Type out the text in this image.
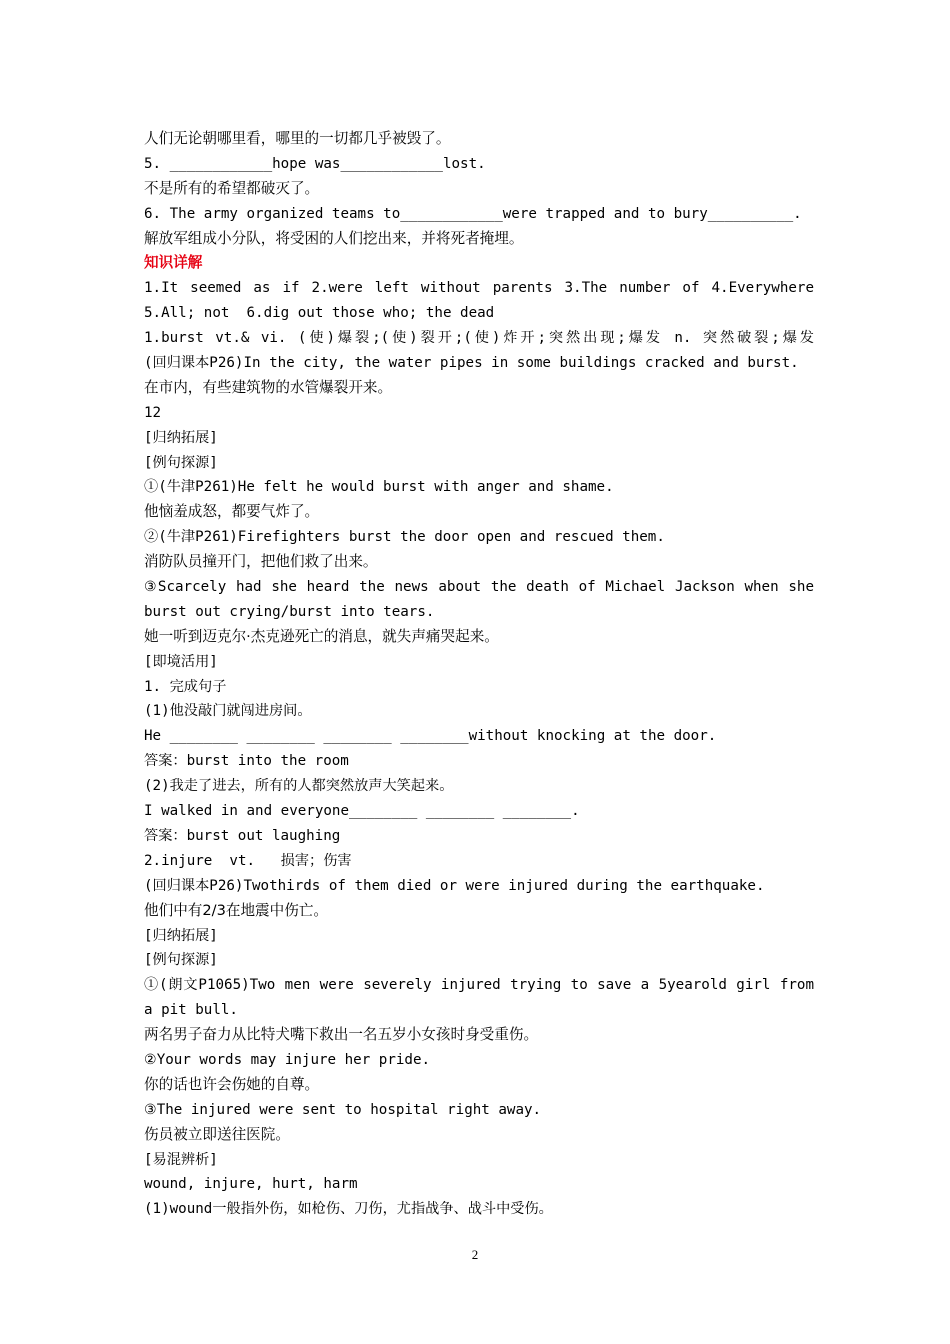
人们无论朝哪里看，哪里的一切都几乎被毁了。
5. ____________hope was____________lost.
不是所有的希望都破灭了。
6. The army organized teams to____________were trapped and to bury__________.
解放军组成小分队，将受困的人们挖出来，并将死者掩埋。
知识详解
1.It seemed as if 2.were left without parents 3.The number of 4.Everywhere
5.All; not  6.dig out those who; the dead
1.burst vt.& vi. (使)爆裂;(使)裂开;(使)炸开;突然出现;爆发 n. 突然破裂;爆发
(回归课本P26)In the city, the water pipes in some buildings cracked and burst.
在市内，有些建筑物的水管爆裂开来。
12
[归纳拓展]
[例句探源]
①(牛津P261)He felt he would burst with anger and shame.
他恼羞成怒，都要气炸了。
②(牛津P261)Firefighters burst the door open and rescued them.
消防队员撞开门，把他们救了出来。
③Scarcely had she heard the news about the death of Michael Jackson when she
burst out crying/burst into tears.
她一听到迈克尔·杰克逊死亡的消息，就失声痛哭起来。
[即境活用]
1. 完成句子
(1)他没敲门就闯进房间。
He ________ ________ ________ ________without knocking at the door.
答案：burst into the room
(2)我走了进去，所有的人都突然放声大笑起来。
I walked in and everyone________ ________ ________.
答案：burst out laughing
2.injure  vt.   损害；伤害
(回归课本P26)Twothirds of them died or were injured during the earthquake.
他们中有2/3在地震中伤亡。
[归纳拓展]
[例句探源]
①(朗文P1065)Two men were severely injured trying to save a 5yearold girl from
a pit bull.
两名男子奋力从比特犬嘴下救出一名五岁小女孩时身受重伤。
②Your words may injure her pride.
你的话也许会伤她的自尊。
③The injured were sent to hospital right away.
伤员被立即送往医院。
[易混辨析]
wound, injure, hurt, harm
(1)wound一般指外伤，如枪伤、刀伤，尤指战争、战斗中受伤。
2
